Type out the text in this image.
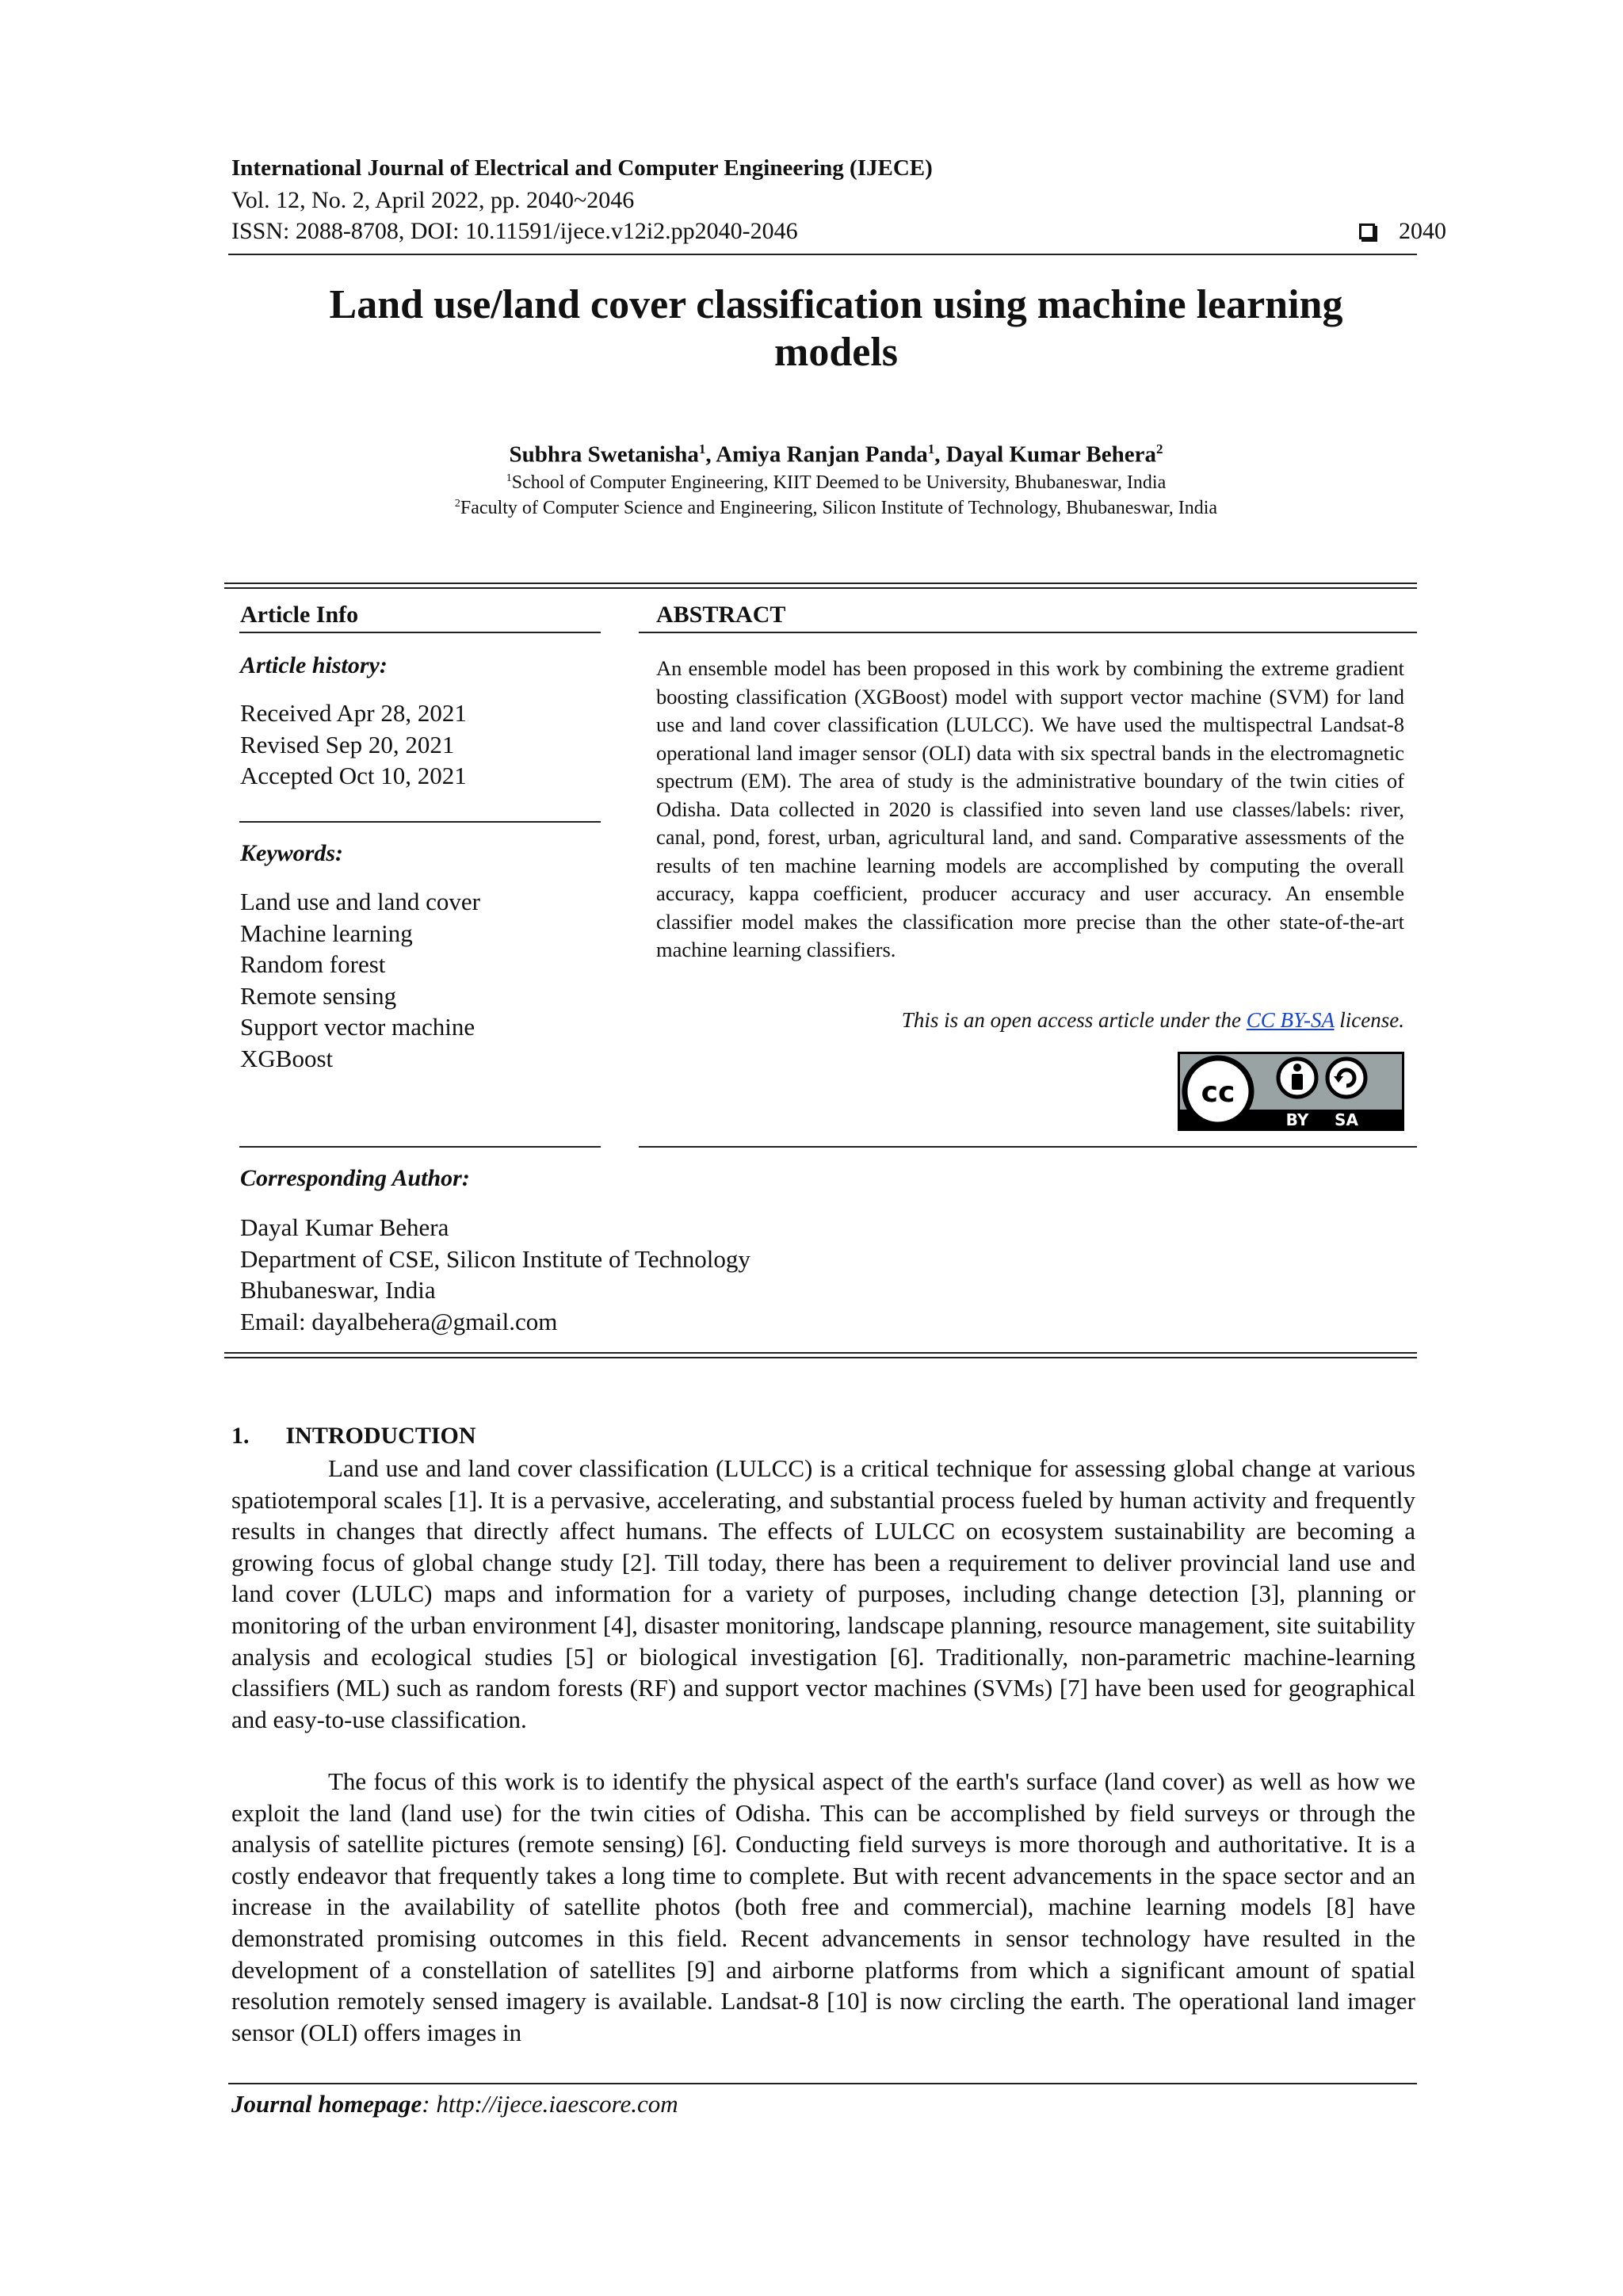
International Journal of Electrical and Computer Engineering (IJECE)
Vol. 12, No. 2, April 2022, pp. 2040~2046
ISSN: 2088-8708, DOI: 10.11591/ijece.v12i2.pp2040-2046	2040
Land use/land cover classification using machine learning
models
Subhra Swetanisha$^1$, Amiya Ranjan Panda$^1$, Dayal Kumar Behera$^2$
$^1$School of Computer Engineering, KIIT Deemed to be University, Bhubaneswar, India
$^2$Faculty of Computer Science and Engineering, Silicon Institute of Technology, Bhubaneswar, India
Article Info
Article history:
Received Apr 28, 2021
Revised Sep 20, 2021
Accepted Oct 10, 2021
Keywords:
Land use and land cover
Machine learning
Random forest
Remote sensing
Support vector machine
XGBoost
ABSTRACT
An ensemble model has been proposed in this work by combining the extreme gradient boosting classification (XGBoost) model with support vector machine (SVM) for land use and land cover classification (LULCC). We have used the multispectral Landsat-8 operational land imager sensor (OLI) data with six spectral bands in the electromagnetic spectrum (EM). The area of study is the administrative boundary of the twin cities of Odisha. Data collected in 2020 is classified into seven land use classes/labels: river, canal, pond, forest, urban, agricultural land, and sand. Comparative assessments of the results of ten machine learning models are accomplished by computing the overall accuracy, kappa coefficient, producer accuracy and user accuracy. An ensemble classifier model makes the classification more precise than the other state-of-the-art machine learning classifiers.
This is an open access article under the CC BY-SA license.
cc
BY SA
Corresponding Author:
Dayal Kumar Behera
Department of CSE, Silicon Institute of Technology
Bhubaneswar, India
Email: dayalbehera@gmail.com
1. INTRODUCTION
Land use and land cover classification (LULCC) is a critical technique for assessing global change at various spatiotemporal scales [1]. It is a pervasive, accelerating, and substantial process fueled by human activity and frequently results in changes that directly affect humans. The effects of LULCC on ecosystem sustainability are becoming a growing focus of global change study [2]. Till today, there has been a requirement to deliver provincial land use and land cover (LULC) maps and information for a variety of purposes, including change detection [3], planning or monitoring of the urban environment [4], disaster monitoring, landscape planning, resource management, site suitability analysis and ecological studies [5] or biological investigation [6]. Traditionally, non-parametric machine-learning classifiers (ML) such as random forests (RF) and support vector machines (SVMs) [7] have been used for geographical and easy-to-use classification.
The focus of this work is to identify the physical aspect of the earth's surface (land cover) as well as how we exploit the land (land use) for the twin cities of Odisha. This can be accomplished by field surveys or through the analysis of satellite pictures (remote sensing) [6]. Conducting field surveys is more thorough and authoritative. It is a costly endeavor that frequently takes a long time to complete. But with recent advancements in the space sector and an increase in the availability of satellite photos (both free and commercial), machine learning models [8] have demonstrated promising outcomes in this field. Recent advancements in sensor technology have resulted in the development of a constellation of satellites [9] and airborne platforms from which a significant amount of spatial resolution remotely sensed imagery is available. Landsat-8 [10] is now circling the earth. The operational land imager sensor (OLI) offers images in
Journal homepage: http://ijece.iaescore.com
